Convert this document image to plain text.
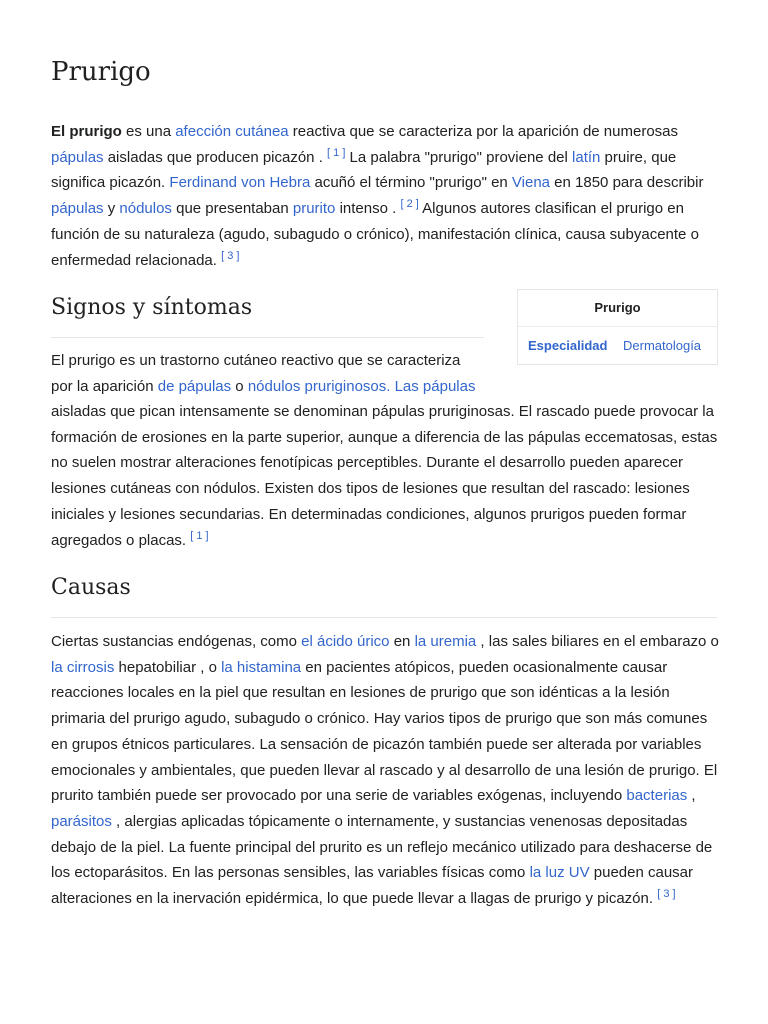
Prurigo

El prurigo es una afección cutánea reactiva que se caracteriza por la aparición de numerosas pápulas aisladas que producen picazón . [ 1 ] La palabra "prurigo" proviene del latín pruire, que significa picazón. Ferdinand von Hebra acuñó el término "prurigo" en Viena en 1850 para describir pápulas y nódulos que presentaban prurito intenso . [ 2 ] Algunos autores clasifican el prurigo en función de su naturaleza (agudo, subagudo o crónico), manifestación clínica, causa subyacente o enfermedad relacionada. [ 3 ]

Signos y síntomas	Prurigo
Especialidad Dermatología

El prurigo es un trastorno cutáneo reactivo que se caracteriza
por la aparición de pápulas o nódulos pruriginosos. Las pápulas

aisladas que pican intensamente se denominan pápulas pruriginosas. El rascado puede provocar la formación de erosiones en la parte superior, aunque a diferencia de las pápulas eccematosas, estas no suelen mostrar alteraciones fenotípicas perceptibles. Durante el desarrollo pueden aparecer lesiones cutáneas con nódulos. Existen dos tipos de lesiones que resultan del rascado: lesiones iniciales y lesiones secundarias. En determinadas condiciones, algunos prurigos pueden formar agregados o placas. [ 1 ]

Causas

Ciertas sustancias endógenas, como el ácido úrico en la uremia , las sales biliares en el embarazo o la cirrosis hepatobiliar , o la histamina en pacientes atópicos, pueden ocasionalmente causar reacciones locales en la piel que resultan en lesiones de prurigo que son idénticas a la lesión primaria del prurigo agudo, subagudo o crónico. Hay varios tipos de prurigo que son más comunes en grupos étnicos particulares. La sensación de picazón también puede ser alterada por variables emocionales y ambientales, que pueden llevar al rascado y al desarrollo de una lesión de prurigo. El prurito también puede ser provocado por una serie de variables exógenas, incluyendo bacterias , parásitos , alergias aplicadas tópicamente o internamente, y sustancias venenosas depositadas debajo de la piel. La fuente principal del prurito es un reflejo mecánico utilizado para deshacerse de los ectoparásitos. En las personas sensibles, las variables físicas como la luz UV pueden causar alteraciones en la inervación epidérmica, lo que puede llevar a llagas de prurigo y picazón. [ 3 ]
